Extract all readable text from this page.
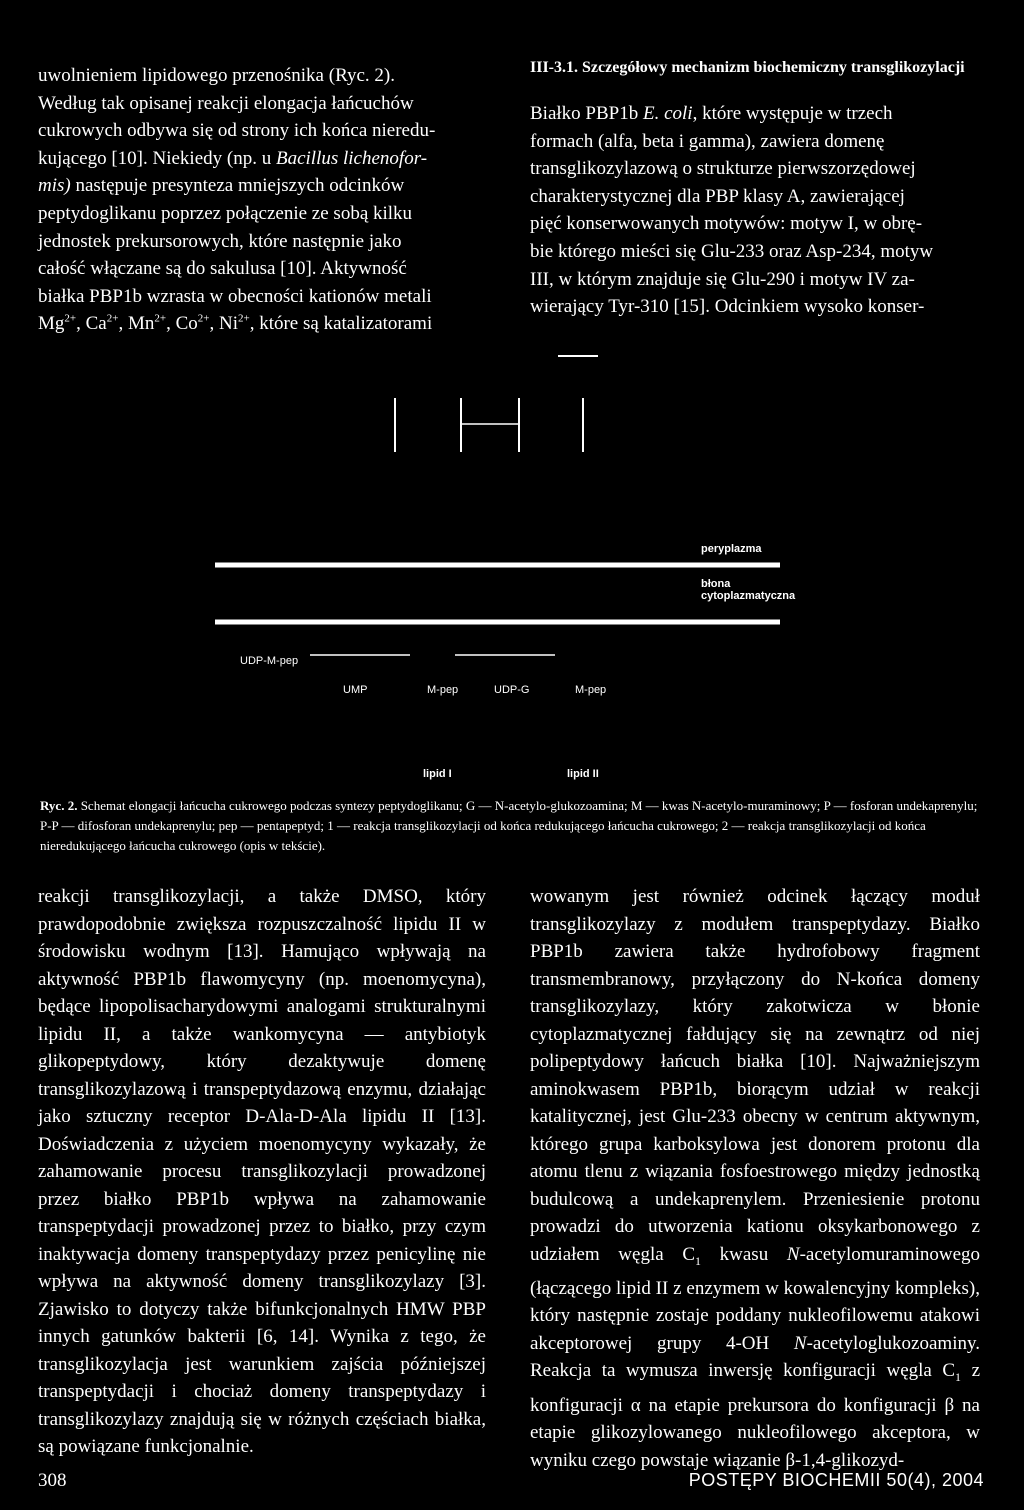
uwolnieniem lipidowego przenośnika (Ryc. 2).
Według tak opisanej reakcji elongacja łańcuchów
cukrowych odbywa się od strony ich końca nieredu-
kującego [10]. Niekiedy (np. u Bacillus lichenofor-
mis) następuje presynteza mniejszych odcinków
peptydoglikanu poprzez połączenie ze sobą kilku
jednostek prekursorowych, które następnie jako
całość włączane są do sakulusa [10]. Aktywność
białka PBP1b wzrasta w obecności kationów metali
$Mg^{2+}$, $Ca^{2+}$, $Mn^{2+}$, $Co^{2+}$, $Ni^{2+}$, które są katalizatorami

III-3.1. Szczegółowy mechanizm biochemiczny transglikozylacji

Białko PBP1b E. coli, które występuje w trzech
formach (alfa, beta i gamma), zawiera domenę
transglikozylazową o strukturze pierwszorzędowej
charakterystycznej dla PBP klasy A, zawierającej
pięć konserwowanych motywów: motyw I, w obrę-
bie którego mieści się Glu-233 oraz Asp-234, motyw
III, w którym znajduje się Glu-290 i motyw IV za-
wierający Tyr-310 [15]. Odcinkiem wysoko konser-

peryplazma
błona
cytoplazmatyczna
UDP-M-pep
UMP	M-pep	UDP-G	M-pep
lipid I	lipid II
Ryc. 2. Schemat elongacji łańcucha cukrowego podczas syntezy peptydoglikanu; G — N-acetylo-glukozoamina; M — kwas N-acetylo-muraminowy; P — fosforan undekaprenylu; P-P — difosforan undekaprenylu; pep — pentapeptyd; 1 — reakcja transglikozylacji od końca redukującego łańcucha cukrowego; 2 — reakcja transglikozylacji od końca nieredukującego łańcucha cukrowego (opis w tekście).

reakcji transglikozylacji, a także DMSO, który prawdopodobnie zwiększa rozpuszczalność lipidu II w środowisku wodnym [13]. Hamująco wpływają na aktywność PBP1b flawomycyny (np. moenomycyna), będące lipopolisacharydowymi analogami strukturalnymi lipidu II, a także wankomycyna — antybiotyk glikopeptydowy, który dezaktywuje domenę transglikozylazową i transpeptydazową enzymu, działając jako sztuczny receptor D-Ala-D-Ala lipidu II [13]. Doświadczenia z użyciem moenomycyny wykazały, że zahamowanie procesu transglikozylacji prowadzonej przez białko PBP1b wpływa na zahamowanie transpeptydacji prowadzonej przez to białko, przy czym inaktywacja domeny transpeptydazy przez penicylinę nie wpływa na aktywność domeny transglikozylazy [3]. Zjawisko to dotyczy także bifunkcjonalnych HMW PBP innych gatunków bakterii [6, 14]. Wynika z tego, że transglikozylacja jest warunkiem zajścia późniejszej transpeptydacji i chociaż domeny transpeptydazy i transglikozylazy znajdują się w różnych częściach białka, są powiązane funkcjonalnie.

wowanym jest również odcinek łączący moduł transglikozylazy z modułem transpeptydazy. Białko PBP1b zawiera także hydrofobowy fragment transmembranowy, przyłączony do N-końca domeny transglikozylazy, który zakotwicza w błonie cytoplazmatycznej fałdujący się na zewnątrz od niej polipeptydowy łańcuch białka [10]. Najważniejszym aminokwasem PBP1b, biorącym udział w reakcji katalitycznej, jest Glu-233 obecny w centrum aktywnym, którego grupa karboksylowa jest donorem protonu dla atomu tlenu z wiązania fosfoestrowego między jednostką budulcową a undekaprenylem. Przeniesienie protonu prowadzi do utworzenia kationu oksykarbonowego z udziałem węgla $C_1$ kwasu N-acetylomuraminowego (łączącego lipid II z enzymem w kowalencyjny kompleks), który następnie zostaje poddany nukleofilowemu atakowi akceptorowej grupy 4-OH N-acetyloglukozoaminy. Reakcja ta wymusza inwersję konfiguracji węgla $C_1$ z konfiguracji α na etapie prekursora do konfiguracji β na etapie glikozylowanego nukleofilowego akceptora, w wyniku czego powstaje wiązanie β-1,4-glikozyd-

308	POSTĘPY BIOCHEMII 50(4), 2004
